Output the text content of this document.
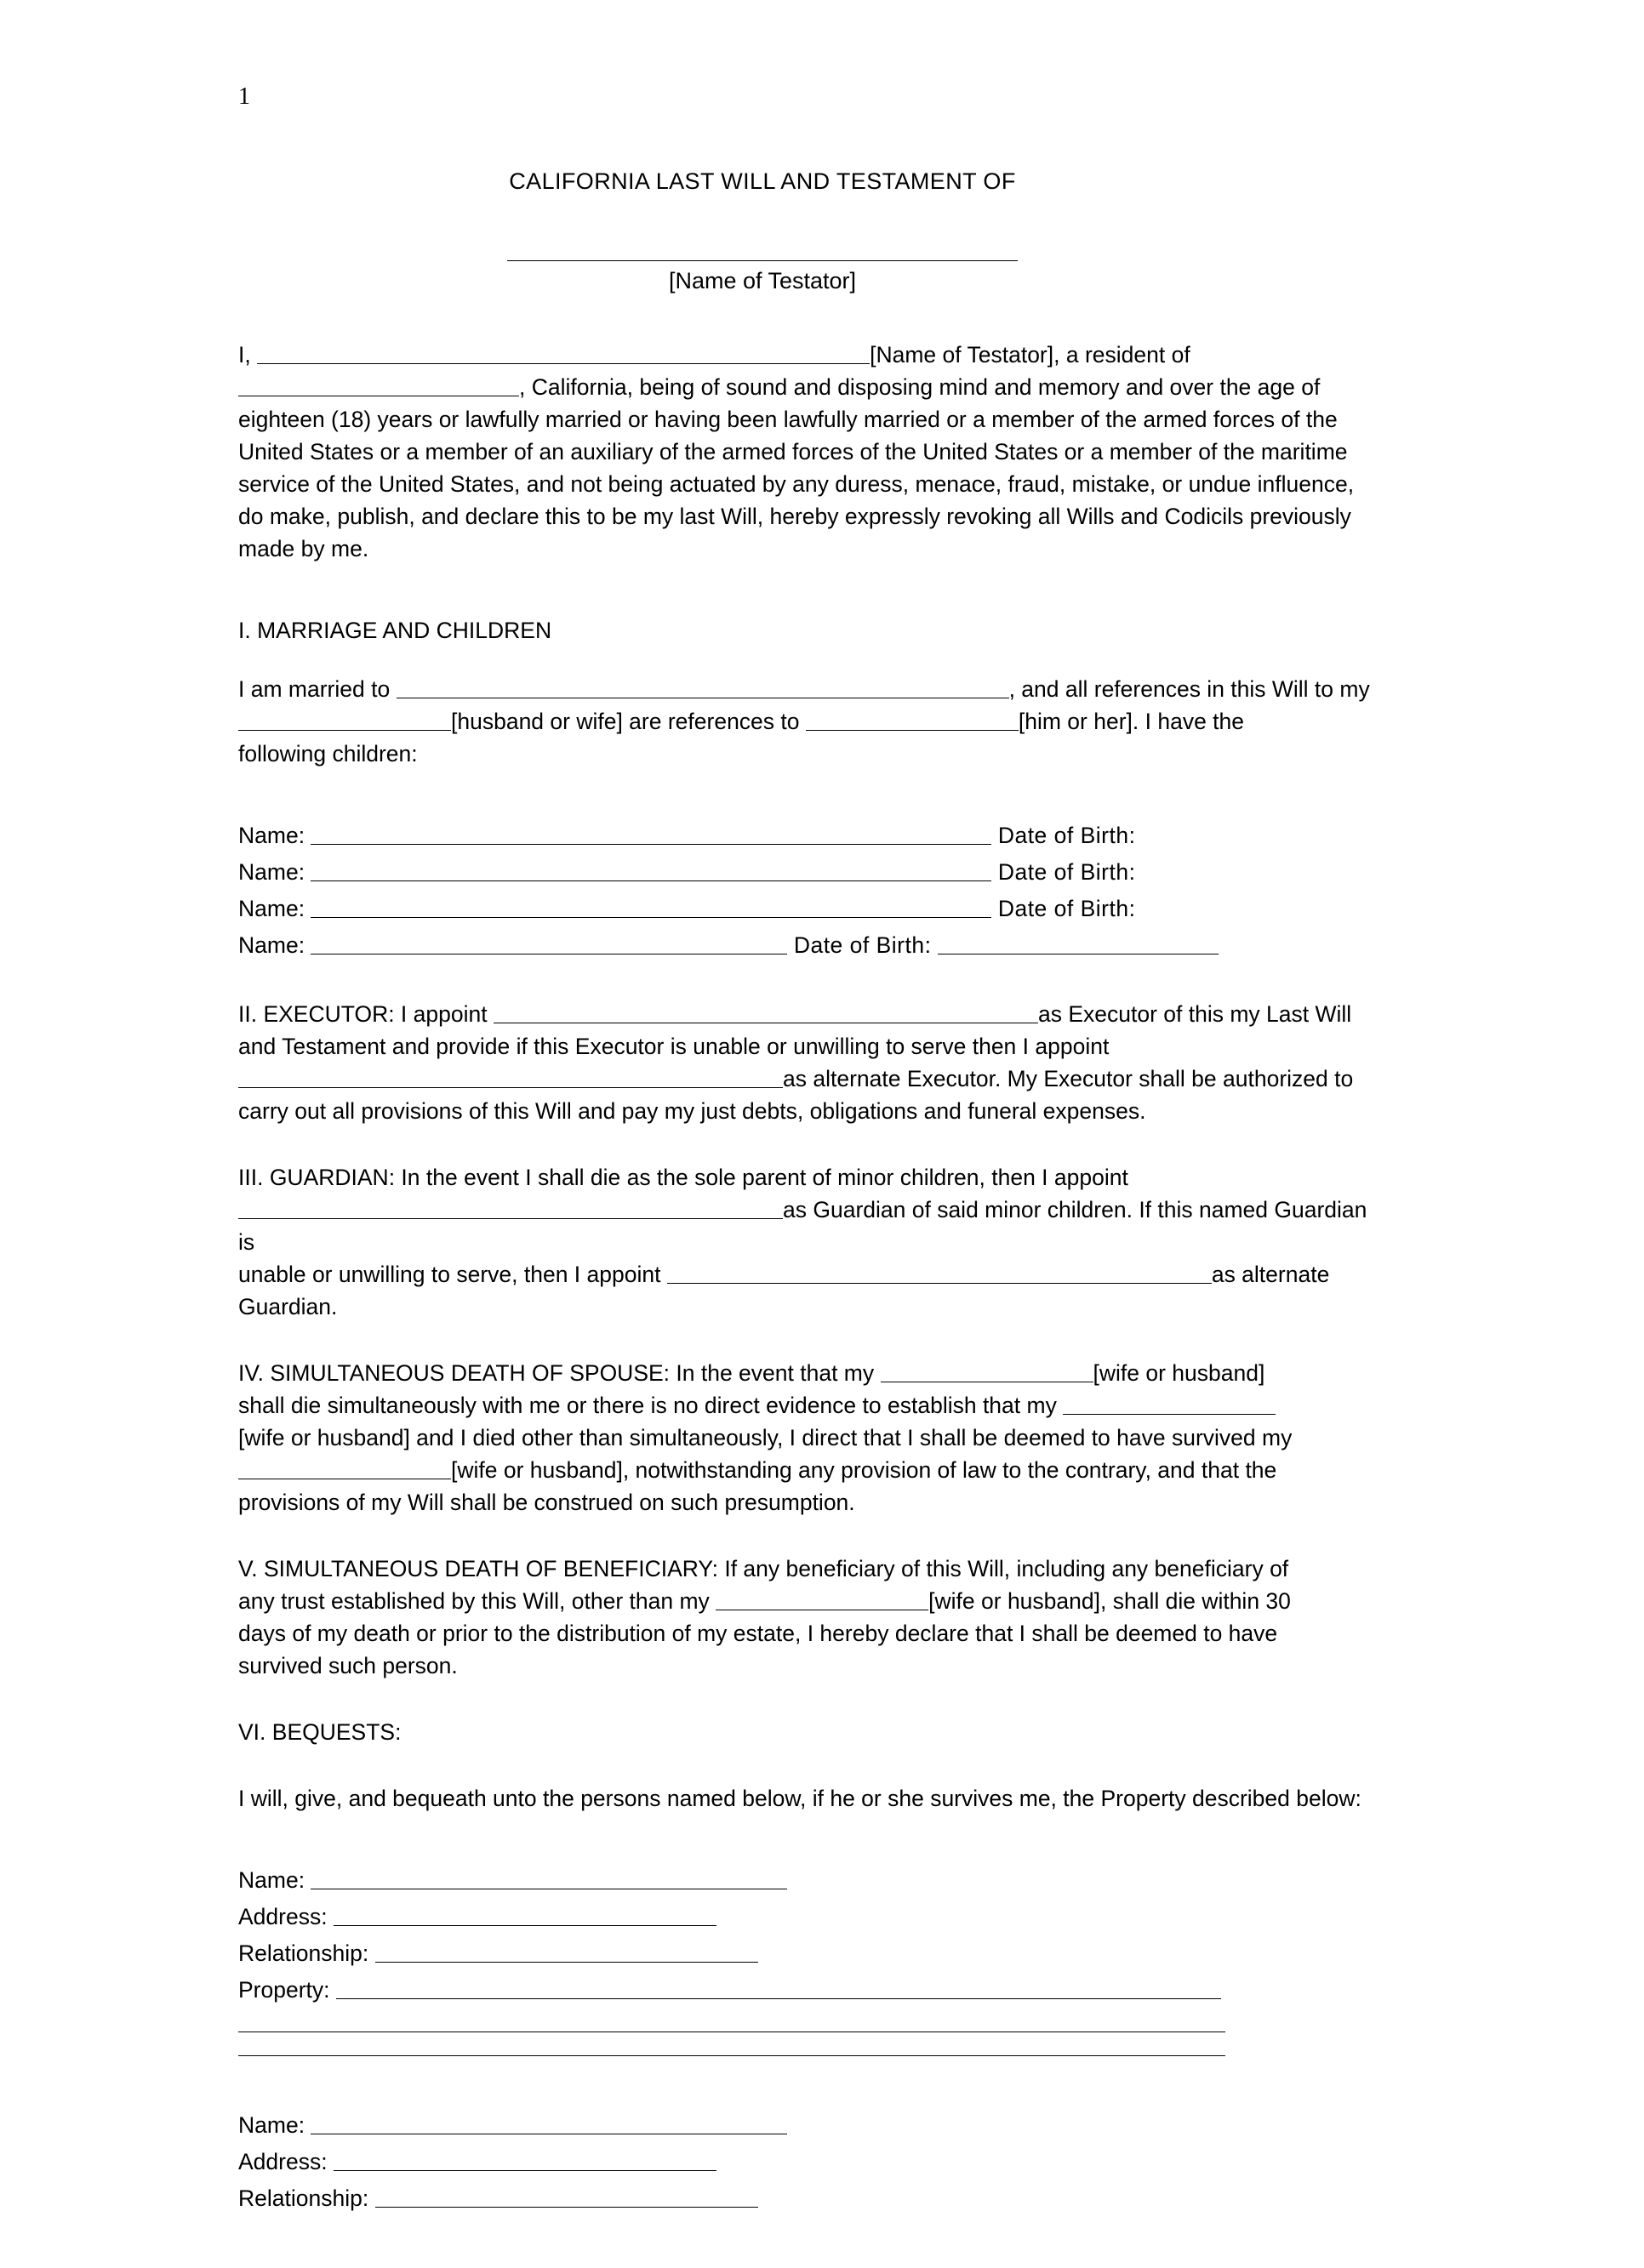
1
CALIFORNIA LAST WILL AND TESTAMENT OF
[Name of Testator]

I,	[Name of Testator], a resident of
, California, being of sound and disposing mind and memory and over the age of eighteen (18) years or lawfully married or having been lawfully married or a member of the armed forces of the United States or a member of an auxiliary of the armed forces of the United States or a member of the maritime service of the United States, and not being actuated by any duress, menace, fraud, mistake, or undue influence, do make, publish, and declare this to be my last Will, hereby expressly revoking all Wills and Codicils previously made by me.

I. MARRIAGE AND CHILDREN
I am married to	, and all references in this Will to my
[husband or wife] are references to	[him or her]. I have the
following children:
Name:	Date of Birth:
Name:	Date of Birth:
Name:	Date of Birth:
Name:	Date of Birth:
II. EXECUTOR: I appoint	as Executor of this my Last Will
and Testament and provide if this Executor is unable or unwilling to serve then I appoint
as alternate Executor. My Executor shall be authorized to
carry out all provisions of this Will and pay my just debts, obligations and funeral expenses.
III. GUARDIAN: In the event I shall die as the sole parent of minor children, then I appoint
as Guardian of said minor children. If this named Guardian is
unable or unwilling to serve, then I appoint	as alternate
Guardian.
IV. SIMULTANEOUS DEATH OF SPOUSE: In the event that my	[wife or husband]
shall die simultaneously with me or there is no direct evidence to establish that my
[wife or husband] and I died other than simultaneously, I direct that I shall be deemed to have survived my
[wife or husband], notwithstanding any provision of law to the contrary, and that the
provisions of my Will shall be construed on such presumption.
V. SIMULTANEOUS DEATH OF BENEFICIARY: If any beneficiary of this Will, including any beneficiary of
any trust established by this Will, other than my	[wife or husband], shall die within 30
days of my death or prior to the distribution of my estate, I hereby declare that I shall be deemed to have
survived such person.
VI. BEQUESTS:
I will, give, and bequeath unto the persons named below, if he or she survives me, the Property described below:
Name:
Address:
Relationship:
Property:
Name:
Address:
Relationship:
